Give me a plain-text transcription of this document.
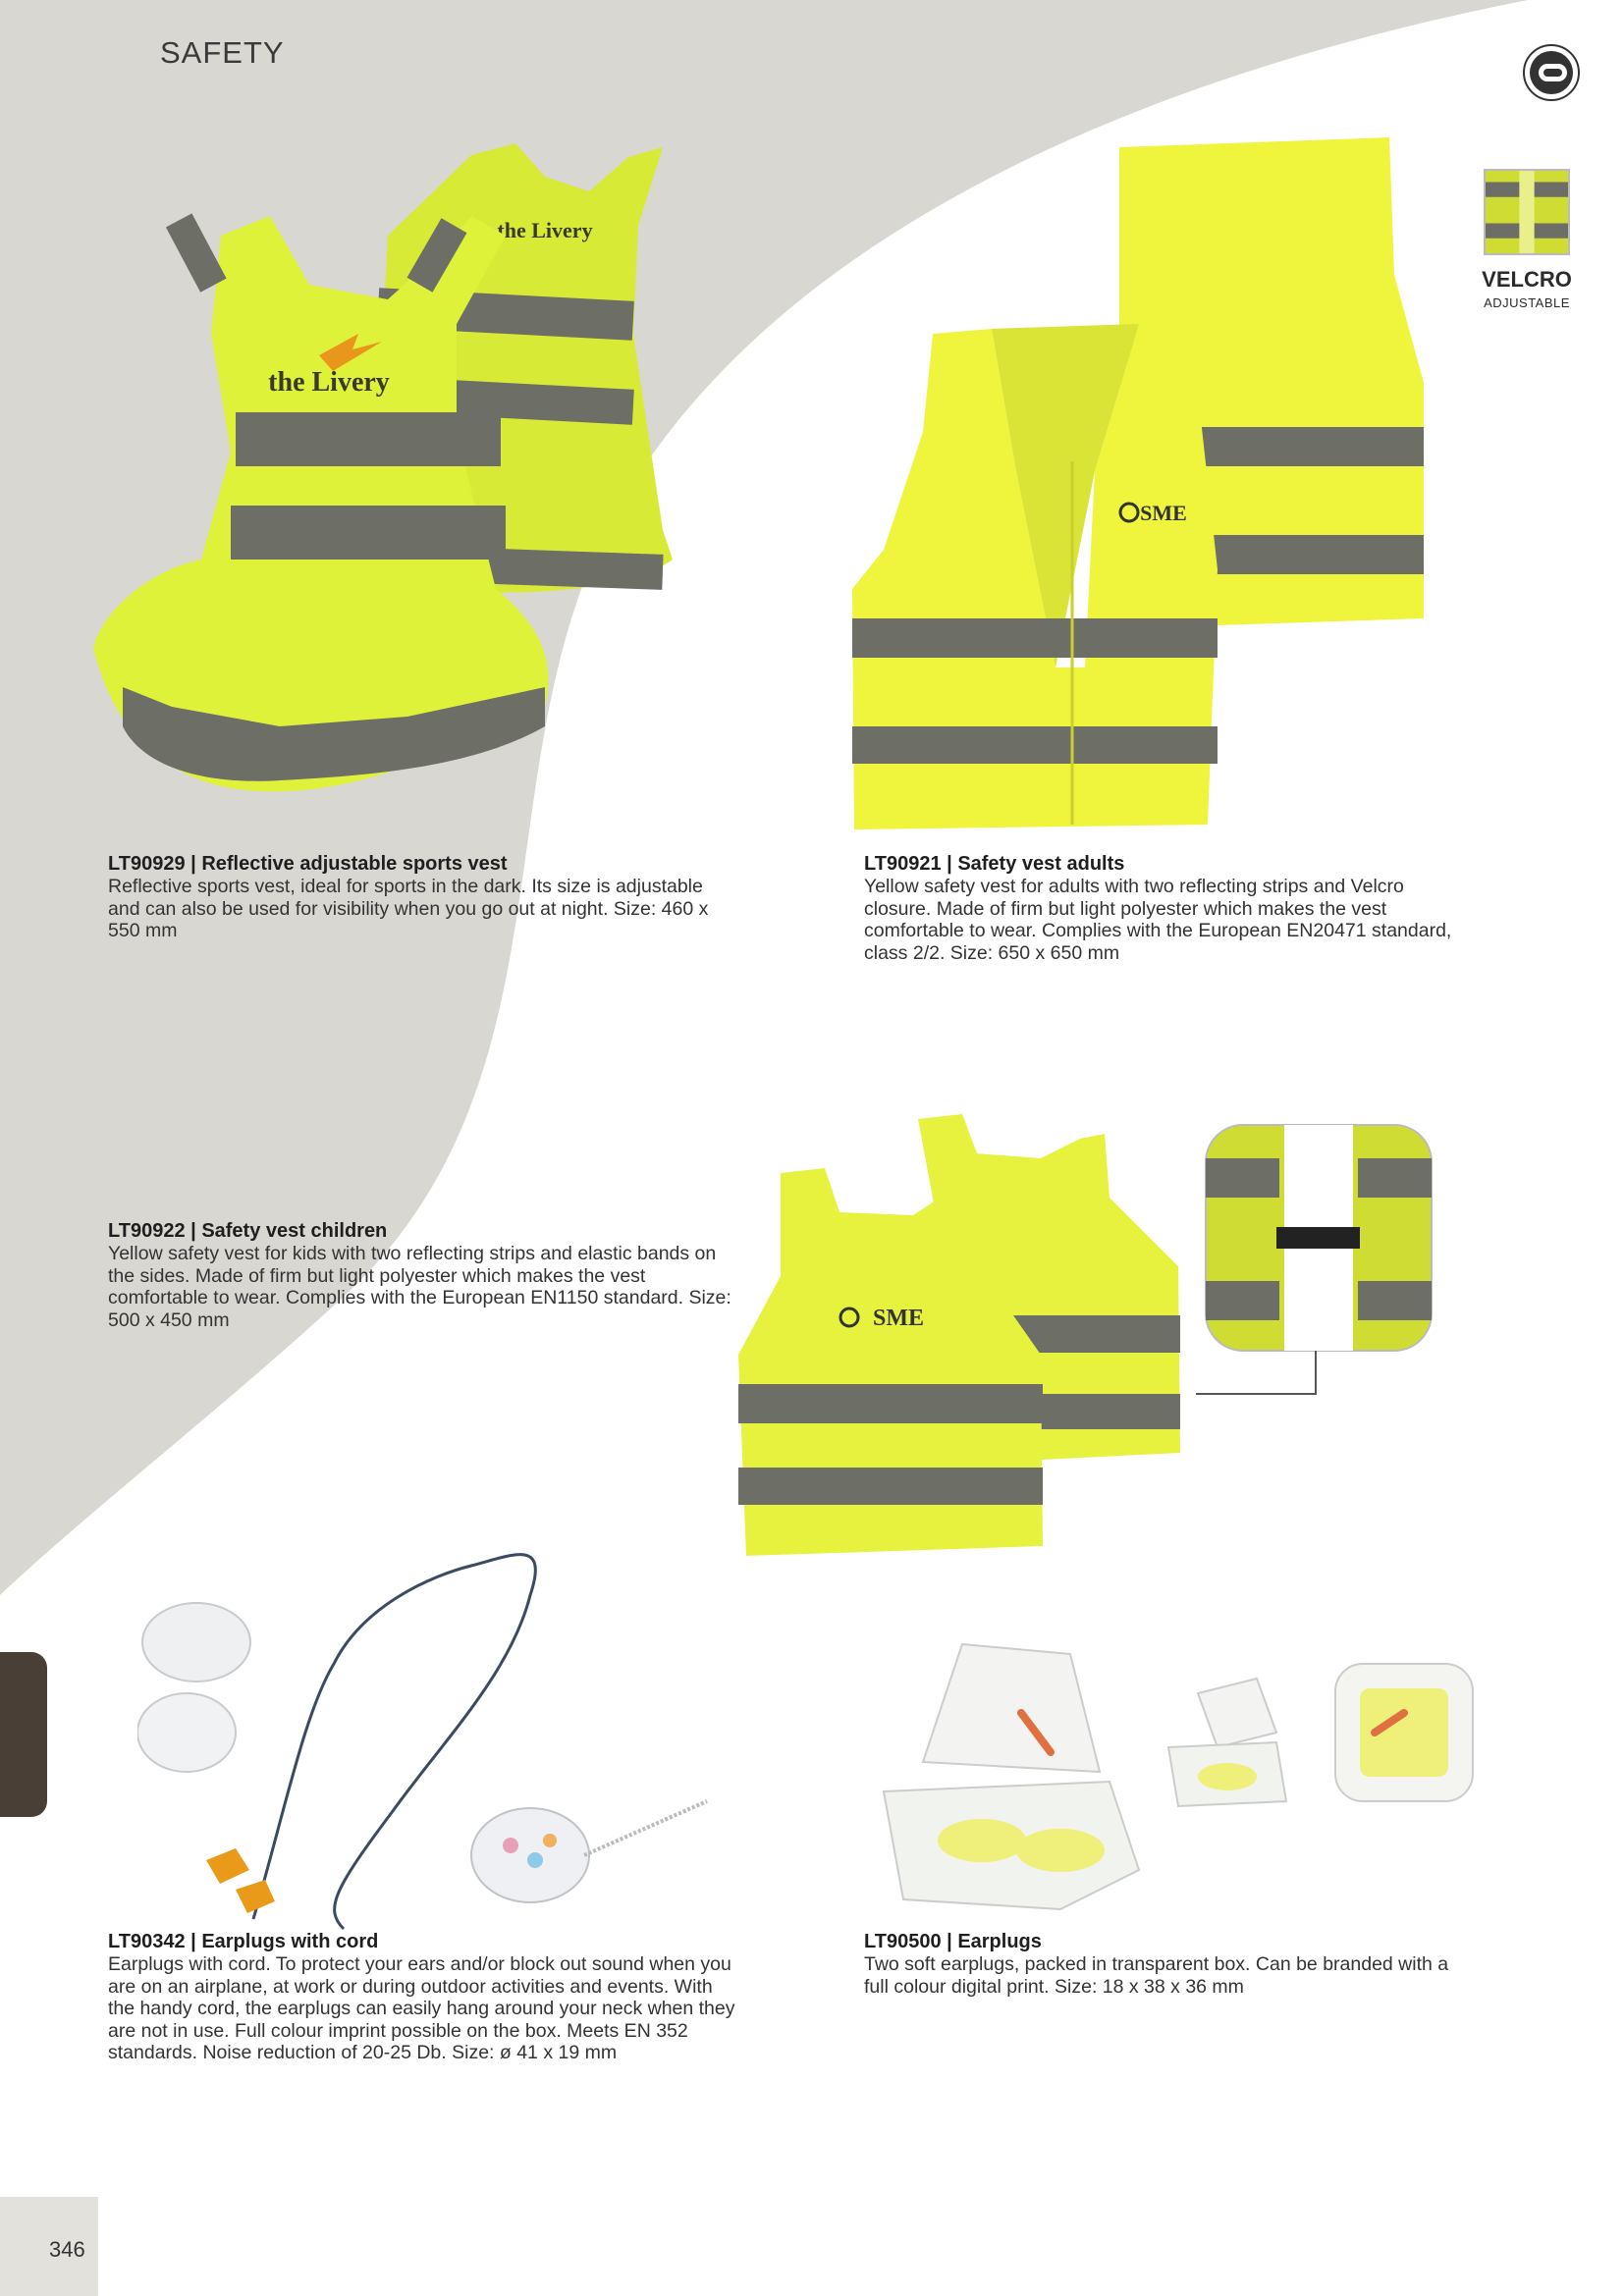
SAFETY
the Livery
the Livery
SME
VELCRO
ADJUSTABLE
SME
LT90929 | Reflective adjustable sports vest
Reflective sports vest, ideal for sports in the dark. Its size is adjustable and can also be used for visibility when you go out at night. Size: 460 x 550 mm
LT90921 | Safety vest adults
Yellow safety vest for adults with two reflecting strips and Velcro closure. Made of firm but light polyester which makes the vest comfortable to wear. Complies with the European EN20471 standard, class 2/2. Size: 650 x 650 mm
LT90922 | Safety vest children
Yellow safety vest for kids with two reflecting strips and elastic bands on the sides. Made of firm but light polyester which makes the vest comfortable to wear. Complies with the European EN1150 standard. Size: 500 x 450 mm
LT90342 | Earplugs with cord
Earplugs with cord. To protect your ears and/or block out sound when you are on an airplane, at work or during outdoor activities and events. With the handy cord, the earplugs can easily hang around your neck when they are not in use. Full colour imprint possible on the box. Meets EN 352 standards. Noise reduction of 20-25 Db. Size: ø 41 x 19 mm
LT90500 | Earplugs
Two soft earplugs, packed in transparent box. Can be branded with a full colour digital print. Size: 18 x 38 x 36 mm
346
